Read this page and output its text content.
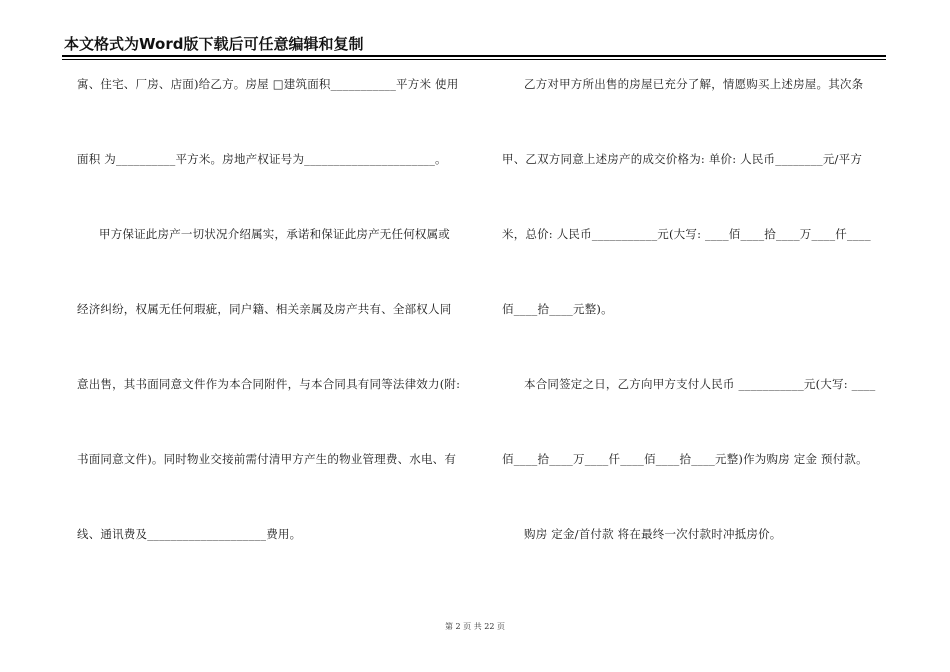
本文格式为Word版下载后可任意编辑和复制
寓、住宅、厂房、店面)给乙方。房屋 □建筑面积___________平方米 使用
面积 为__________平方米。房地产权证号为______________________。
甲方保证此房产一切状况介绍属实，承诺和保证此房产无任何权属或
经济纠纷，权属无任何瑕疵，同户籍、相关亲属及房产共有、全部权人同
意出售，其书面同意文件作为本合同附件，与本合同具有同等法律效力(附:
书面同意文件)。同时物业交接前需付清甲方产生的物业管理费、水电、有
线、通讯费及____________________费用。
乙方对甲方所出售的房屋已充分了解，情愿购买上述房屋。其次条
甲、乙双方同意上述房产的成交价格为: 单价: 人民币________元/平方
米，总价: 人民币___________元(大写: ____佰____拾____万____仟____
佰____拾____元整)。
本合同签定之日，乙方向甲方支付人民币 ___________元(大写: ____
佰____拾____万____仟____佰____拾____元整)作为购房 定金 预付款。
购房 定金/首付款 将在最终一次付款时冲抵房价。
第 2 页 共 22 页
